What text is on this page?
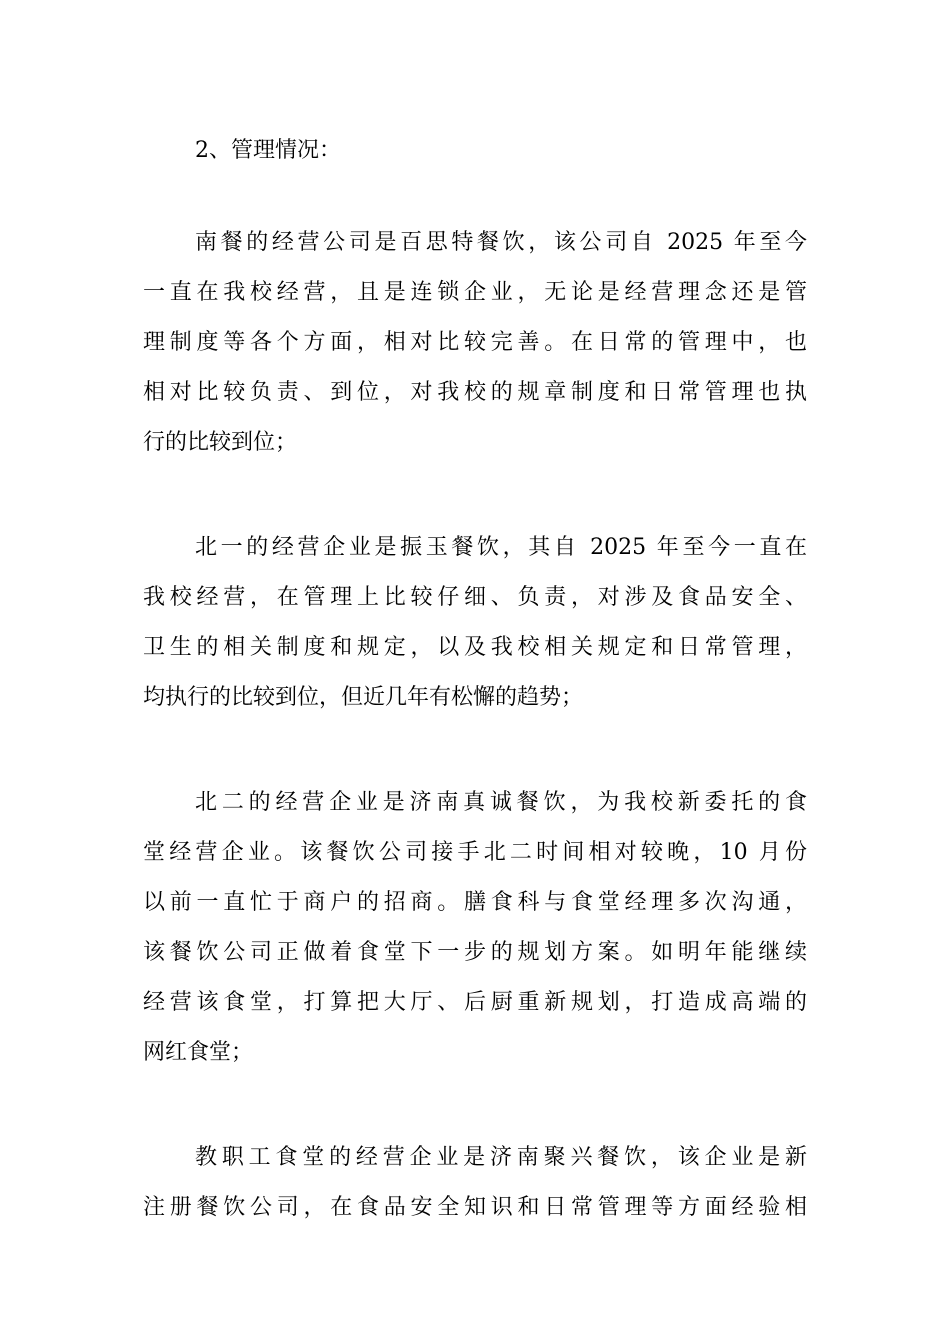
2、管理情况：

南餐的经营公司是百思特餐饮，该公司自 2025 年至今
一直在我校经营，且是连锁企业，无论是经营理念还是管
理制度等各个方面，相对比较完善。在日常的管理中，也
相对比较负责、到位，对我校的规章制度和日常管理也执
行的比较到位；

北一的经营企业是振玉餐饮，其自 2025 年至今一直在
我校经营，在管理上比较仔细、负责，对涉及食品安全、
卫生的相关制度和规定，以及我校相关规定和日常管理，
均执行的比较到位，但近几年有松懈的趋势；

北二的经营企业是济南真诚餐饮，为我校新委托的食
堂经营企业。该餐饮公司接手北二时间相对较晚，10 月份
以前一直忙于商户的招商。膳食科与食堂经理多次沟通，
该餐饮公司正做着食堂下一步的规划方案。如明年能继续
经营该食堂，打算把大厅、后厨重新规划，打造成高端的
网红食堂；

教职工食堂的经营企业是济南聚兴餐饮，该企业是新
注册餐饮公司，在食品安全知识和日常管理等方面经验相
